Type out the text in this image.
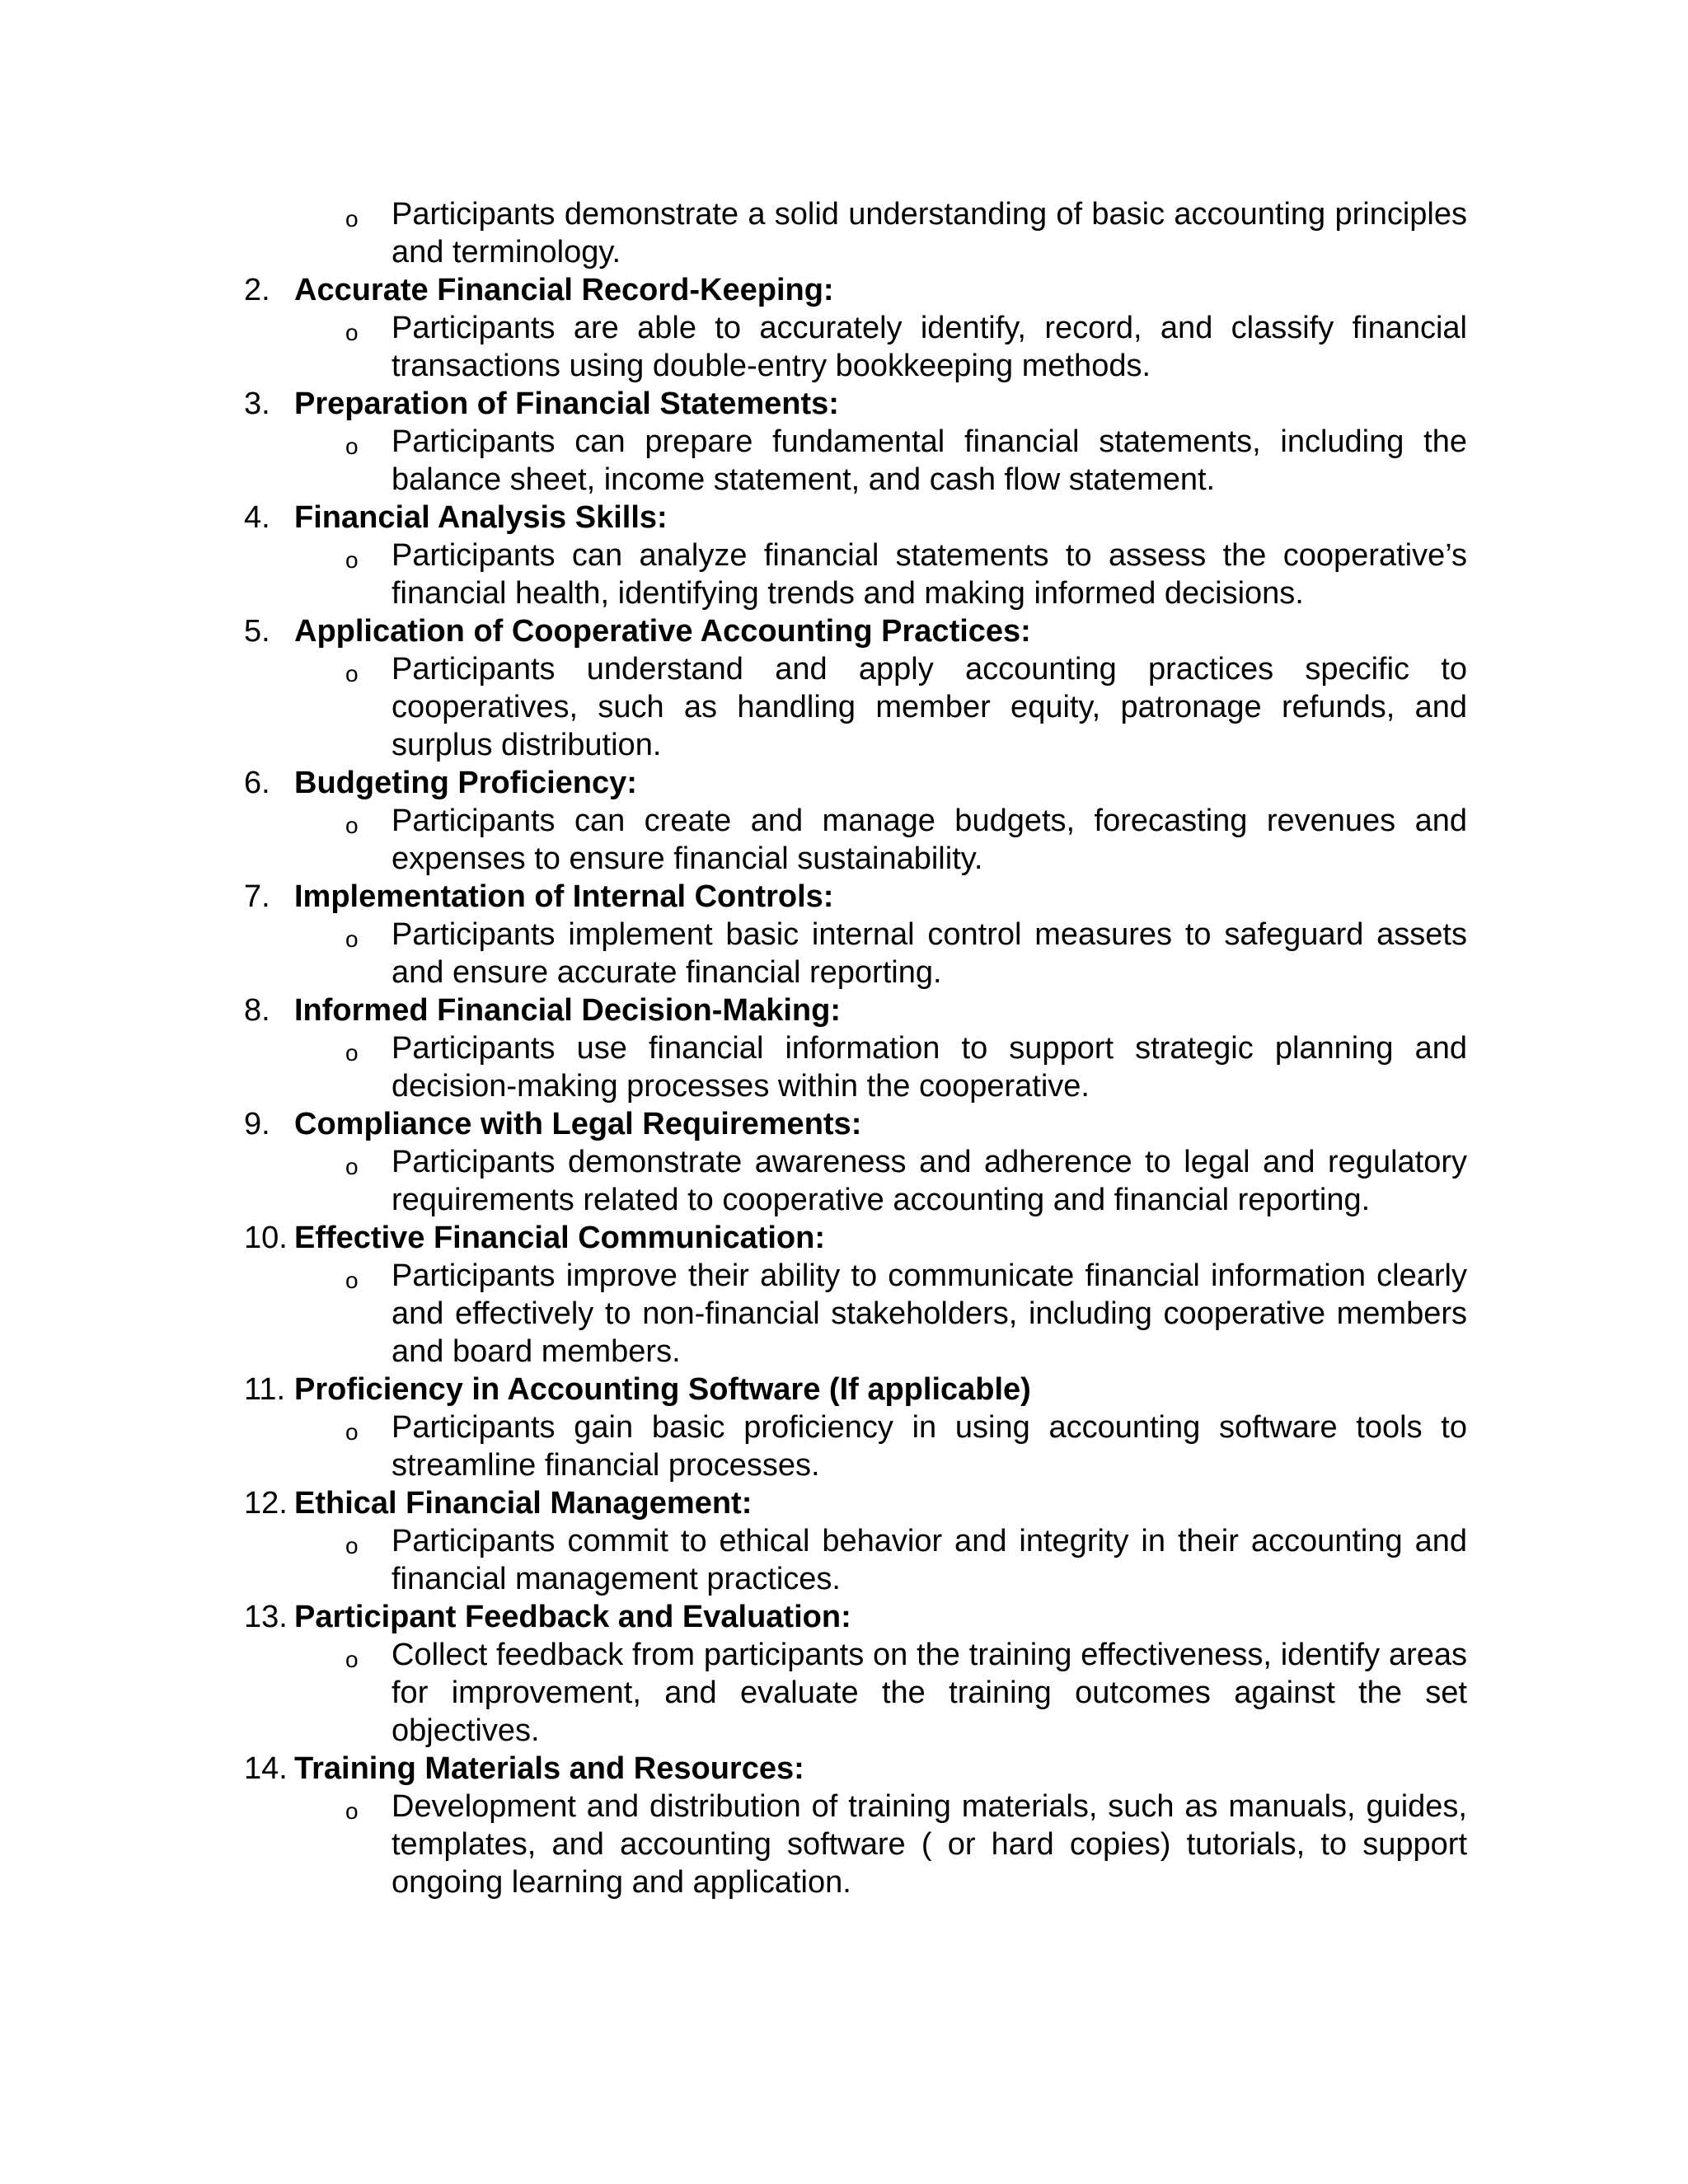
o Participants demonstrate a solid understanding of basic accounting principles and terminology.
2. Accurate Financial Record-Keeping:
o Participants are able to accurately identify, record, and classify financial transactions using double-entry bookkeeping methods.
3. Preparation of Financial Statements:
o Participants can prepare fundamental financial statements, including the balance sheet, income statement, and cash flow statement.
4. Financial Analysis Skills:
o Participants can analyze financial statements to assess the cooperative’s financial health, identifying trends and making informed decisions.
5. Application of Cooperative Accounting Practices:
o Participants understand and apply accounting practices specific to cooperatives, such as handling member equity, patronage refunds, and surplus distribution.
6. Budgeting Proficiency:
o Participants can create and manage budgets, forecasting revenues and expenses to ensure financial sustainability.
7. Implementation of Internal Controls:
o Participants implement basic internal control measures to safeguard assets and ensure accurate financial reporting.
8. Informed Financial Decision-Making:
o Participants use financial information to support strategic planning and decision-making processes within the cooperative.
9. Compliance with Legal Requirements:
o Participants demonstrate awareness and adherence to legal and regulatory requirements related to cooperative accounting and financial reporting.
10. Effective Financial Communication:
o Participants improve their ability to communicate financial information clearly and effectively to non-financial stakeholders, including cooperative members and board members.
11. Proficiency in Accounting Software (If applicable)
o Participants gain basic proficiency in using accounting software tools to streamline financial processes.
12. Ethical Financial Management:
o Participants commit to ethical behavior and integrity in their accounting and financial management practices.
13. Participant Feedback and Evaluation:
o Collect feedback from participants on the training effectiveness, identify areas for improvement, and evaluate the training outcomes against the set objectives.
14. Training Materials and Resources:
o Development and distribution of training materials, such as manuals, guides, templates, and accounting software ( or hard copies) tutorials, to support ongoing learning and application.
